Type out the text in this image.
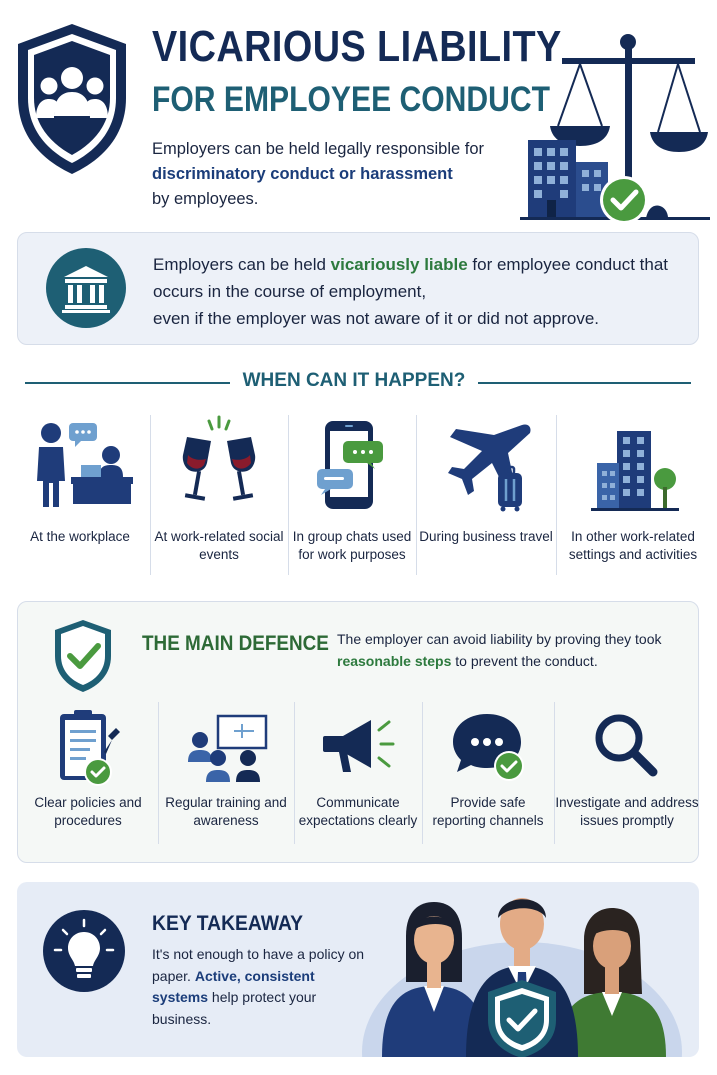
VICARIOUS LIABILITY
FOR EMPLOYEE CONDUCT
Employers can be held legally responsible for
discriminatory conduct or harassment
by employees.
Employers can be held vicariously liable for employee conduct that occurs in the course of employment,
even if the employer was not aware of it or did not approve.
WHEN CAN IT HAPPEN?
At the workplace	At work-related social events
In group chats used for work purposes
During business travel	In other work-related settings and activities
THE MAIN DEFENCE The employer can avoid liability by proving they took reasonable steps to prevent the conduct.
Clear policies and procedures
Regular training and awareness
Communicate expectations clearly
Provide safe reporting channels
Investigate and address issues promptly
KEY TAKEAWAY
It's not enough to have a policy on paper. Active, consistent systems help protect your business.
